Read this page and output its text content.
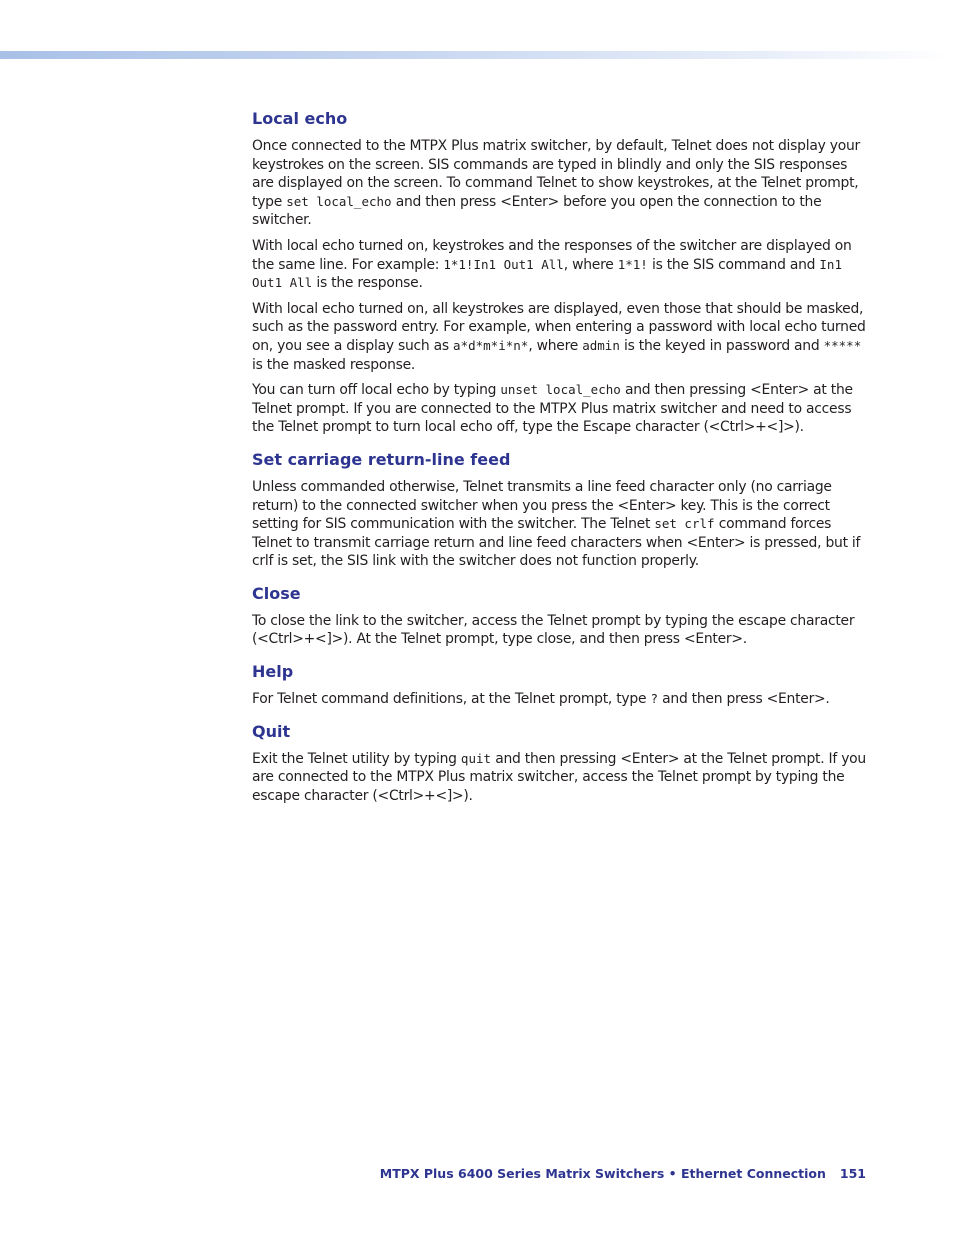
Local echo

Once connected to the MTPX Plus matrix switcher, by default, Telnet does not display your keystrokes on the screen. SIS commands are typed in blindly and only the SIS responses are displayed on the screen. To command Telnet to show keystrokes, at the Telnet prompt, type set local_echo and then press <Enter> before you open the connection to the switcher.

With local echo turned on, keystrokes and the responses of the switcher are displayed on the same line. For example: 1*1!In1 Out1 All, where 1*1! is the SIS command and In1 Out1 All is the response.

With local echo turned on, all keystrokes are displayed, even those that should be masked, such as the password entry. For example, when entering a password with local echo turned on, you see a display such as a*d*m*i*n*, where admin is the keyed in password and ***** is the masked response.

You can turn off local echo by typing unset local_echo and then pressing <Enter> at the Telnet prompt. If you are connected to the MTPX Plus matrix switcher and need to access the Telnet prompt to turn local echo off, type the Escape character (<Ctrl>+<]>).

Set carriage return-line feed

Unless commanded otherwise, Telnet transmits a line feed character only (no carriage return) to the connected switcher when you press the <Enter> key. This is the correct setting for SIS communication with the switcher. The Telnet set crlf command forces Telnet to transmit carriage return and line feed characters when <Enter> is pressed, but if crlf is set, the SIS link with the switcher does not function properly.

Close

To close the link to the switcher, access the Telnet prompt by typing the escape character (<Ctrl>+<]>). At the Telnet prompt, type close, and then press <Enter>.

Help

For Telnet command definitions, at the Telnet prompt, type ? and then press <Enter>.

Quit

Exit the Telnet utility by typing quit and then pressing <Enter> at the Telnet prompt. If you are connected to the MTPX Plus matrix switcher, access the Telnet prompt by typing the escape character (<Ctrl>+<]>).

MTPX Plus 6400 Series Matrix Switchers • Ethernet Connection 151
